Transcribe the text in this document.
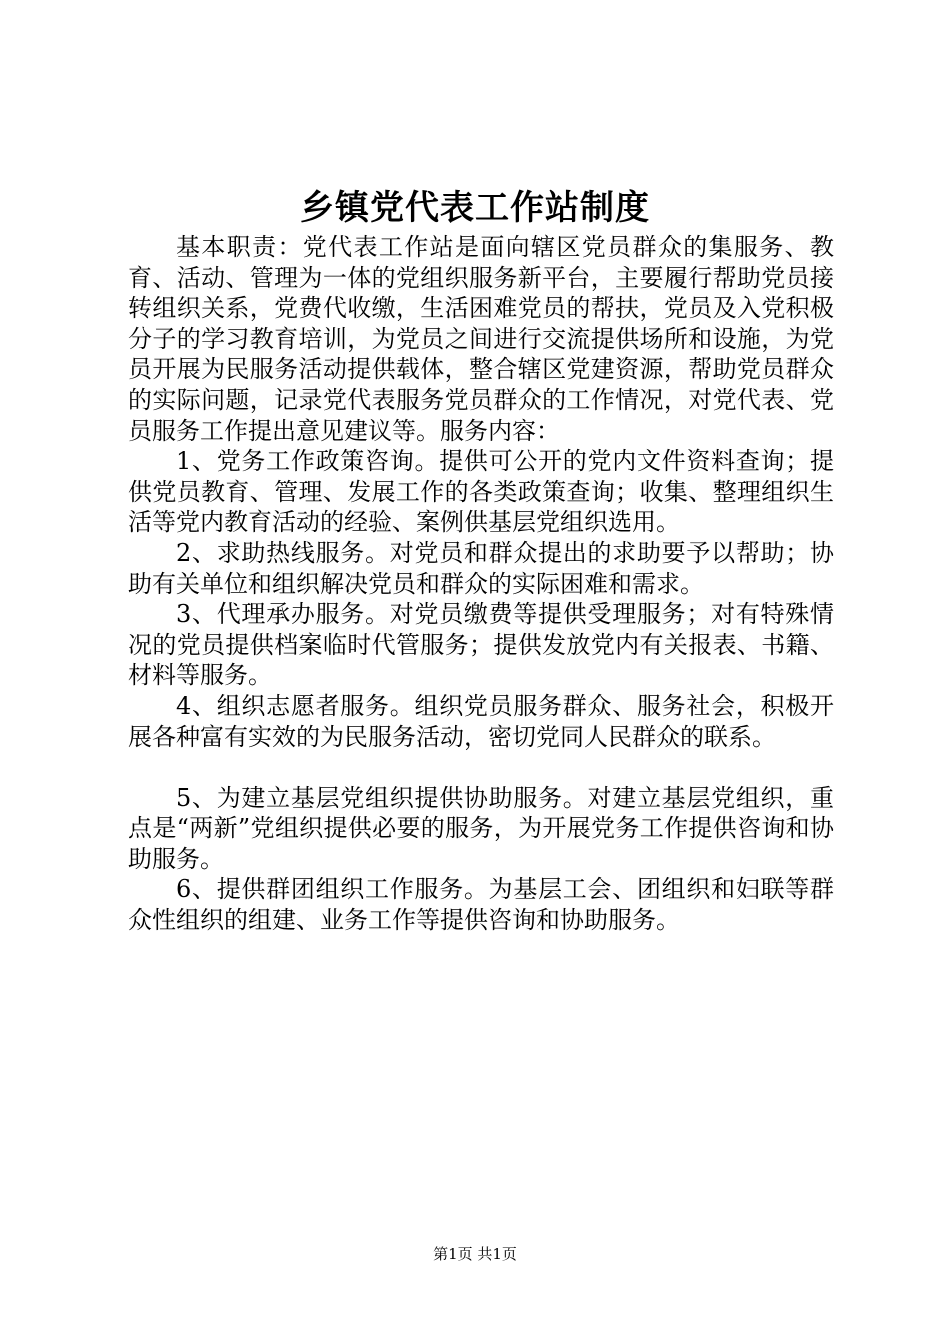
乡镇党代表工作站制度

基本职责：党代表工作站是面向辖区党员群众的集服务、教育、活动、管理为一体的党组织服务新平台，主要履行帮助党员接转组织关系，党费代收缴，生活困难党员的帮扶，党员及入党积极分子的学习教育培训，为党员之间进行交流提供场所和设施，为党员开展为民服务活动提供载体，整合辖区党建资源，帮助党员群众的实际问题，记录党代表服务党员群众的工作情况，对党代表、党员服务工作提出意见建议等。服务内容：

1、党务工作政策咨询。提供可公开的党内文件资料查询；提供党员教育、管理、发展工作的各类政策查询；收集、整理组织生活等党内教育活动的经验、案例供基层党组织选用。

2、求助热线服务。对党员和群众提出的求助要予以帮助；协助有关单位和组织解决党员和群众的实际困难和需求。

3、代理承办服务。对党员缴费等提供受理服务；对有特殊情况的党员提供档案临时代管服务；提供发放党内有关报表、书籍、材料等服务。

4、组织志愿者服务。组织党员服务群众、服务社会，积极开展各种富有实效的为民服务活动，密切党同人民群众的联系。

5、为建立基层党组织提供协助服务。对建立基层党组织，重点是“两新”党组织提供必要的服务，为开展党务工作提供咨询和协助服务。

6、提供群团组织工作服务。为基层工会、团组织和妇联等群众性组织的组建、业务工作等提供咨询和协助服务。

第1页 共1页
